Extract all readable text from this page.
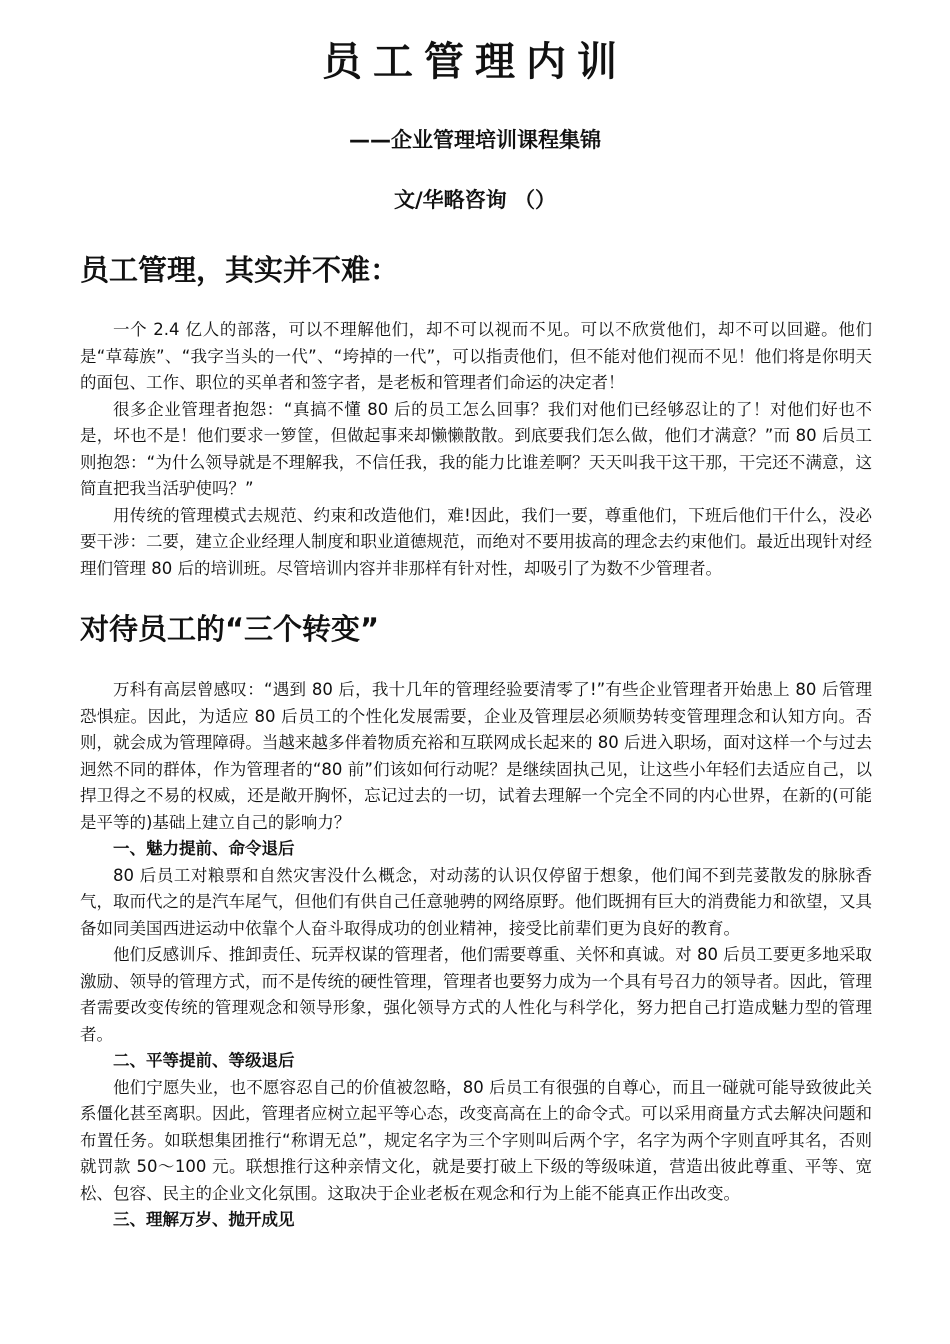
员工管理内训
——企业管理培训课程集锦
文/华略咨询 （）
员工管理，其实并不难：

一个 2.4 亿人的部落，可以不理解他们，却不可以视而不见。可以不欣赏他们，却不可以回避。他们是“草莓族”、“我字当头的一代”、“垮掉的一代”，可以指责他们，但不能对他们视而不见！他们将是你明天的面包、工作、职位的买单者和签字者，是老板和管理者们命运的决定者！

很多企业管理者抱怨：“真搞不懂 80 后的员工怎么回事？我们对他们已经够忍让的了！对他们好也不是，坏也不是！他们要求一箩筐，但做起事来却懒懒散散。到底要我们怎么做，他们才满意？”而 80 后员工则抱怨：“为什么领导就是不理解我，不信任我，我的能力比谁差啊？天天叫我干这干那，干完还不满意，这简直把我当活驴使吗？”

用传统的管理模式去规范、约束和改造他们，难!因此，我们一要，尊重他们，下班后他们干什么，没必要干涉：二要，建立企业经理人制度和职业道德规范，而绝对不要用拔高的理念去约束他们。最近出现针对经理们管理 80 后的培训班。尽管培训内容并非那样有针对性，却吸引了为数不少管理者。

对待员工的“三个转变”

万科有高层曾感叹：“遇到 80 后，我十几年的管理经验要清零了!”有些企业管理者开始患上 80 后管理恐惧症。因此，为适应 80 后员工的个性化发展需要，企业及管理层必须顺势转变管理理念和认知方向。否则，就会成为管理障碍。当越来越多伴着物质充裕和互联网成长起来的 80 后进入职场，面对这样一个与过去迥然不同的群体，作为管理者的“80 前”们该如何行动呢？是继续固执己见，让这些小年轻们去适应自己，以捍卫得之不易的权威，还是敞开胸怀，忘记过去的一切，试着去理解一个完全不同的内心世界，在新的(可能是平等的)基础上建立自己的影响力？

一、魅力提前、命令退后

80 后员工对粮票和自然灾害没什么概念，对动荡的认识仅停留于想象，他们闻不到芫荽散发的脉脉香气，取而代之的是汽车尾气，但他们有供自己任意驰骋的网络原野。他们既拥有巨大的消费能力和欲望，又具备如同美国西进运动中依靠个人奋斗取得成功的创业精神，接受比前辈们更为良好的教育。

他们反感训斥、推卸责任、玩弄权谋的管理者，他们需要尊重、关怀和真诚。对 80 后员工要更多地采取激励、领导的管理方式，而不是传统的硬性管理，管理者也要努力成为一个具有号召力的领导者。因此，管理者需要改变传统的管理观念和领导形象，强化领导方式的人性化与科学化，努力把自己打造成魅力型的管理者。

二、平等提前、等级退后

他们宁愿失业，也不愿容忍自己的价值被忽略，80 后员工有很强的自尊心，而且一碰就可能导致彼此关系僵化甚至离职。因此，管理者应树立起平等心态，改变高高在上的命令式。可以采用商量方式去解决问题和布置任务。如联想集团推行“称谓无总”，规定名字为三个字则叫后两个字，名字为两个字则直呼其名，否则就罚款 50～100 元。联想推行这种亲情文化，就是要打破上下级的等级味道，营造出彼此尊重、平等、宽松、包容、民主的企业文化氛围。这取决于企业老板在观念和行为上能不能真正作出改变。

三、理解万岁、抛开成见
